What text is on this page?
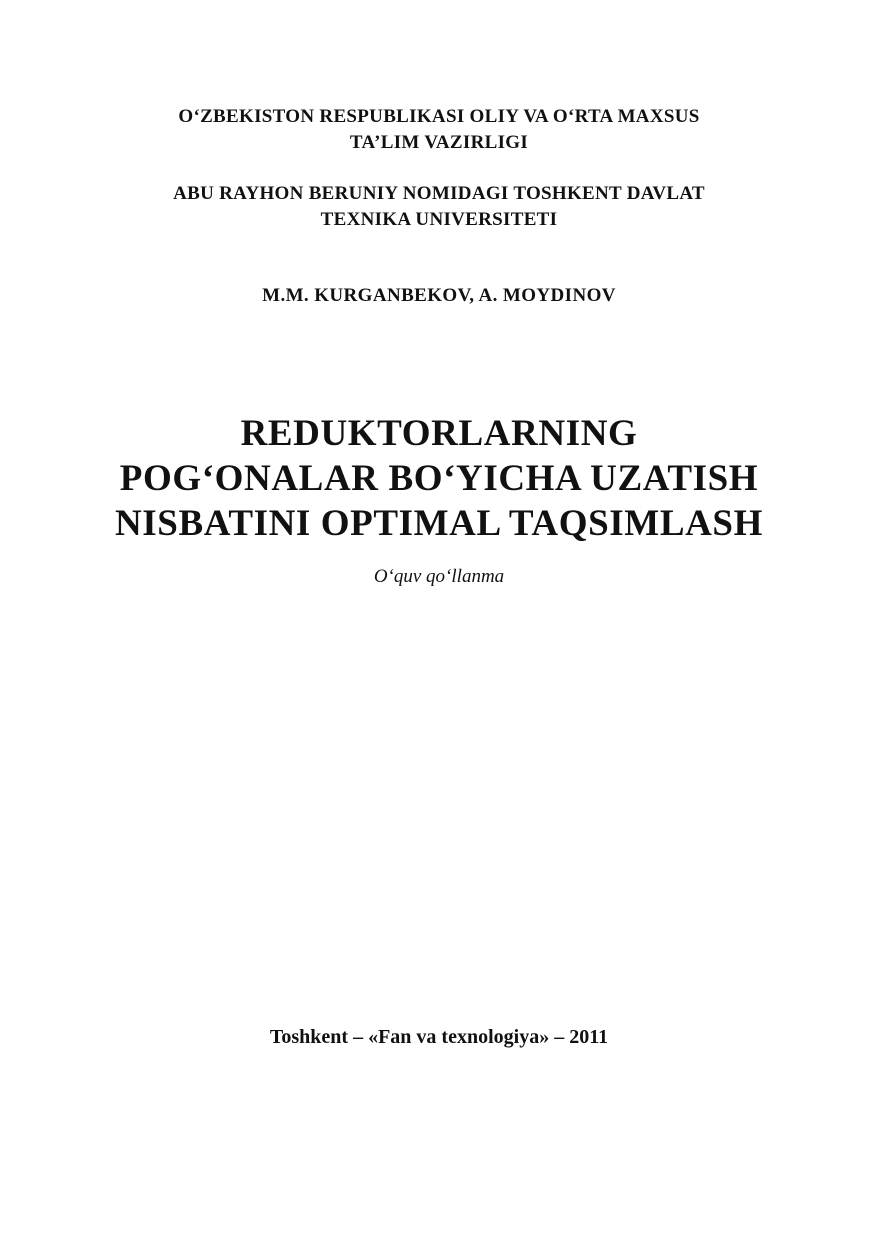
O‘ZBEKISTON RESPUBLIKASI OLIY VA O‘RTA MAXSUS
TA’LIM VAZIRLIGI
ABU RAYHON BERUNIY NOMIDAGI TOSHKENT DAVLAT
TEXNIKA UNIVERSITETI
M.M. KURGANBEKOV, A. MOYDINOV
REDUKTORLARNING
POG‘ONALAR BO‘YICHA UZATISH
NISBATINI OPTIMAL TAQSIMLASH
O‘quv qo‘llanma
Toshkent – «Fan va texnologiya» – 2011
